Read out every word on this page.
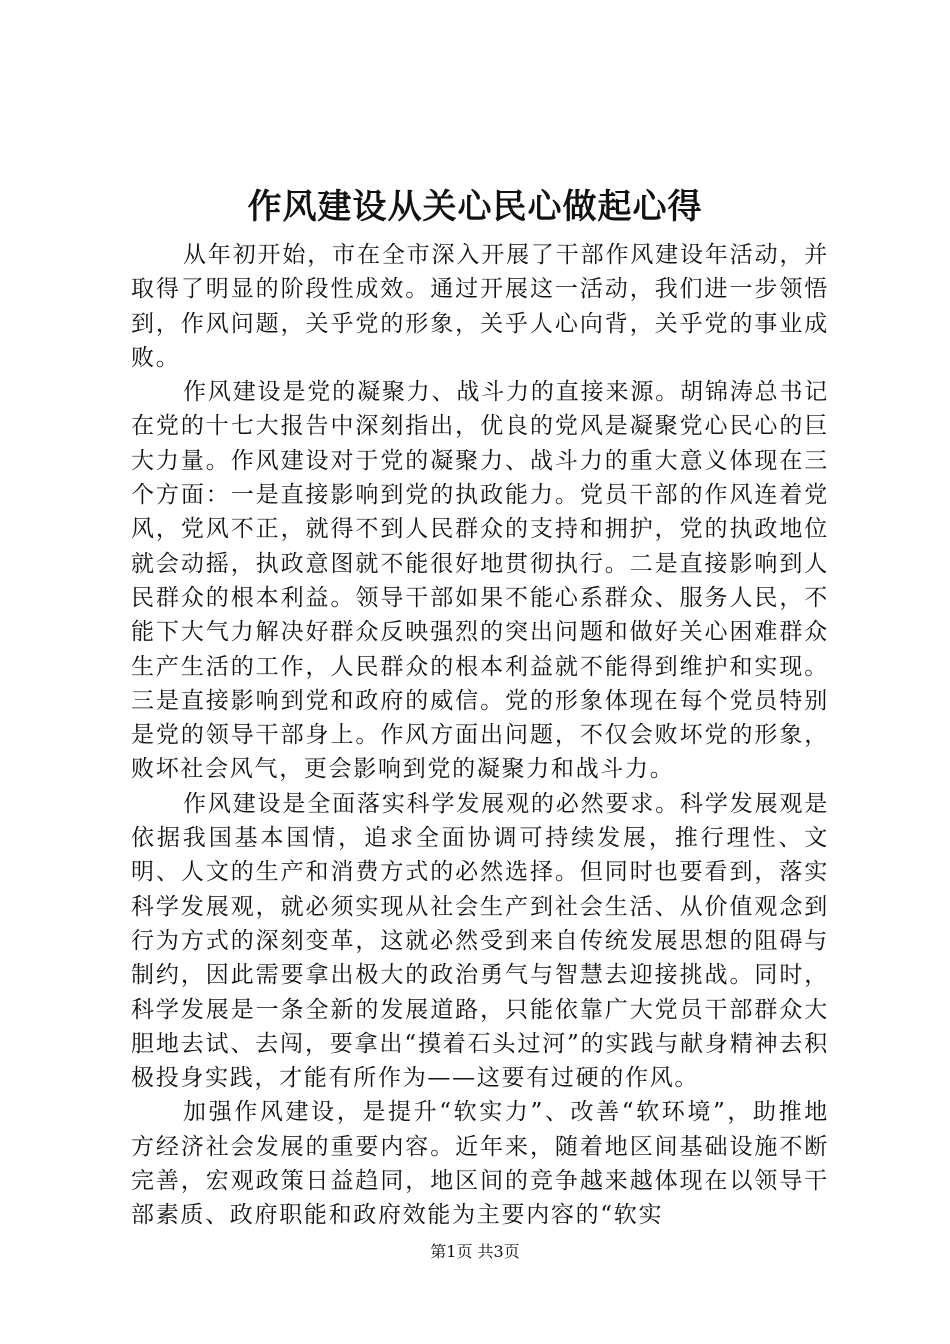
作风建设从关心民心做起心得

从年初开始，市在全市深入开展了干部作风建设年活动，并取得了明显的阶段性成效。通过开展这一活动，我们进一步领悟到，作风问题，关乎党的形象，关乎人心向背，关乎党的事业成败。

作风建设是党的凝聚力、战斗力的直接来源。胡锦涛总书记在党的十七大报告中深刻指出，优良的党风是凝聚党心民心的巨大力量。作风建设对于党的凝聚力、战斗力的重大意义体现在三个方面：一是直接影响到党的执政能力。党员干部的作风连着党风，党风不正，就得不到人民群众的支持和拥护，党的执政地位就会动摇，执政意图就不能很好地贯彻执行。二是直接影响到人民群众的根本利益。领导干部如果不能心系群众、服务人民，不能下大气力解决好群众反映强烈的突出问题和做好关心困难群众生产生活的工作，人民群众的根本利益就不能得到维护和实现。三是直接影响到党和政府的威信。党的形象体现在每个党员特别是党的领导干部身上。作风方面出问题，不仅会败坏党的形象，败坏社会风气，更会影响到党的凝聚力和战斗力。

作风建设是全面落实科学发展观的必然要求。科学发展观是依据我国基本国情，追求全面协调可持续发展，推行理性、文明、人文的生产和消费方式的必然选择。但同时也要看到，落实科学发展观，就必须实现从社会生产到社会生活、从价值观念到行为方式的深刻变革，这就必然受到来自传统发展思想的阻碍与制约，因此需要拿出极大的政治勇气与智慧去迎接挑战。同时，科学发展是一条全新的发展道路，只能依靠广大党员干部群众大胆地去试、去闯，要拿出“摸着石头过河”的实践与献身精神去积极投身实践，才能有所作为——这要有过硬的作风。

加强作风建设，是提升“软实力”、改善“软环境”，助推地方经济社会发展的重要内容。近年来，随着地区间基础设施不断完善，宏观政策日益趋同，地区间的竞争越来越体现在以领导干部素质、政府职能和政府效能为主要内容的“软实

第1页 共3页
